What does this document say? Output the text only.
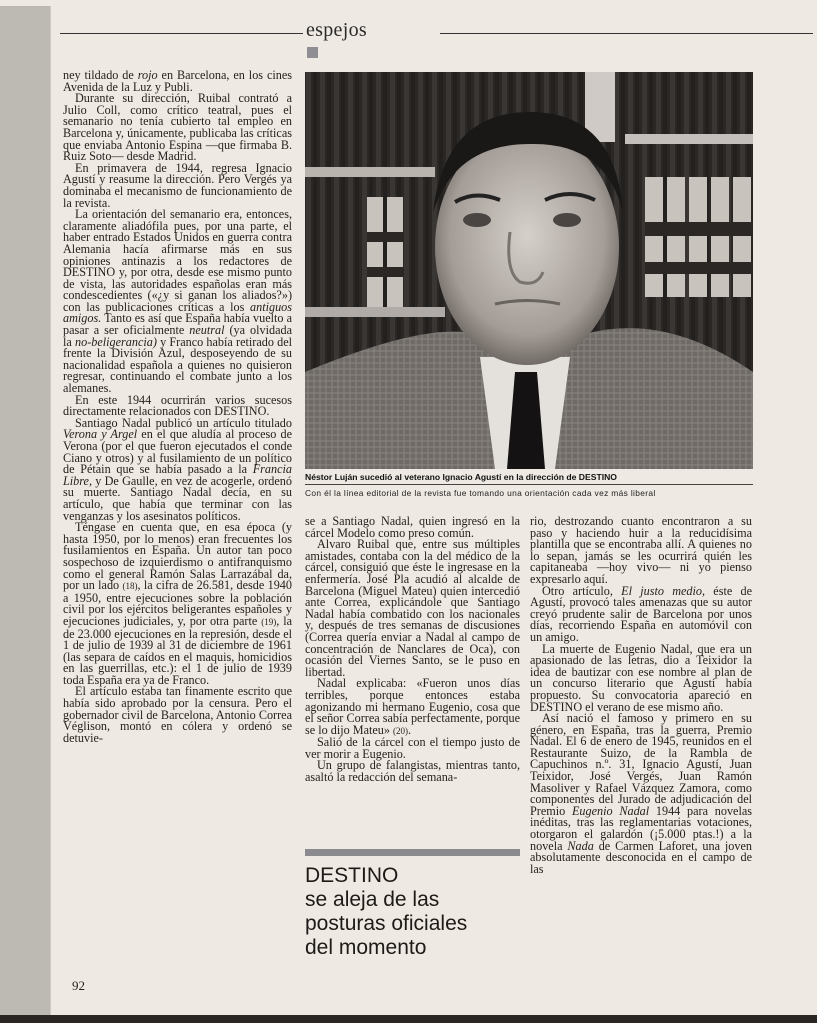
espejos

ney tildado de rojo en Barcelona, en los cines Avenida de la Luz y Publi.

Durante su dirección, Ruibal contrató a Julio Coll, como crítico teatral, pues el semanario no tenía cubierto tal empleo en Barcelona y, únicamente, publicaba las críticas que enviaba Antonio Espina —que firmaba B. Ruiz Soto— desde Madrid.

En primavera de 1944, regresa Ignacio Agustí y reasume la dirección. Pero Vergés ya dominaba el mecanismo de funcionamiento de la revista.

La orientación del semanario era, entonces, claramente aliadófila pues, por una parte, el haber entrado Estados Unidos en guerra contra Alemania hacía afirmarse más en sus opiniones antinazis a los redactores de DESTINO y, por otra, desde ese mismo punto de vista, las autoridades españolas eran más condescedientes («¿y si ganan los aliados?») con las publicaciones críticas a los antiguos amigos. Tanto es así que España había vuelto a pasar a ser oficialmente neutral (ya olvidada la no-beligerancia) y Franco había retirado del frente la División Azul, desposeyendo de su nacionalidad española a quienes no quisieron regresar, continuando el combate junto a los alemanes.

En este 1944 ocurrirán varios sucesos directamente relacionados con DESTINO.

Santiago Nadal publicó un artículo titulado Verona y Argel en el que aludía al proceso de Verona (por el que fueron ejecutados el conde Ciano y otros) y al fusilamiento de un político de Pétain que se había pasado a la Francia Libre, y De Gaulle, en vez de acogerle, ordenó su muerte. Santiago Nadal decía, en su artículo, que había que terminar con las venganzas y los asesinatos políticos.

Téngase en cuenta que, en esa época (y hasta 1950, por lo menos) eran frecuentes los fusilamientos en España. Un autor tan poco sospechoso de izquierdismo o antifranquismo como el general Ramón Salas Larrazábal da, por un lado (18), la cifra de 26.581, desde 1940 a 1950, entre ejecuciones sobre la población civil por los ejércitos beligerantes españoles y ejecuciones judiciales, y, por otra parte (19), la de 23.000 ejecuciones en la represión, desde el 1 de julio de 1939 al 31 de diciembre de 1961 (las separa de caídos en el maquis, homicidios en las guerrillas, etc.): el 1 de julio de 1939 toda España era ya de Franco.

El artículo estaba tan finamente escrito que había sido aprobado por la censura. Pero el gobernador civil de Barcelona, Antonio Correa Véglison, montó en cólera y ordenó se detuvie-

Néstor Luján sucedió al veterano Ignacio Agustí en la dirección de DESTINO
Con él la línea editorial de la revista fue tomando una orientación cada vez más liberal

se a Santiago Nadal, quien ingresó en la cárcel Modelo como preso común.

Alvaro Ruibal que, entre sus múltiples amistades, contaba con la del médico de la cárcel, consiguió que éste le ingresase en la enfermería. José Pla acudió al alcalde de Barcelona (Miguel Mateu) quien intercedió ante Correa, explicándole que Santiago Nadal había combatido con los nacionales y, después de tres semanas de discusiones (Correa quería enviar a Nadal al campo de concentración de Nanclares de Oca), con ocasión del Viernes Santo, se le puso en libertad.

Nadal explicaba: «Fueron unos días terribles, porque entonces estaba agonizando mi hermano Eugenio, cosa que el señor Correa sabía perfectamente, porque se lo dijo Mateu» (20).

Salió de la cárcel con el tiempo justo de ver morir a Eugenio.

Un grupo de falangistas, mientras tanto, asaltó la redacción del semana-

DESTINO
se aleja de las
posturas oficiales
del momento

rio, destrozando cuanto encontraron a su paso y haciendo huir a la reducidísima plantilla que se encontraba allí. A quienes no lo sepan, jamás se les ocurrirá quién les capitaneaba —hoy vivo— ni yo pienso expresarlo aquí.

Otro artículo, El justo medio, éste de Agustí, provocó tales amenazas que su autor creyó prudente salir de Barcelona por unos días, recorriendo España en automóvil con un amigo.

La muerte de Eugenio Nadal, que era un apasionado de las letras, dio a Teixidor la idea de bautizar con ese nombre al plan de un concurso literario que Agustí había propuesto. Su convocatoria apareció en DESTINO el verano de ese mismo año.

Así nació el famoso y primero en su género, en España, tras la guerra, Premio Nadal. El 6 de enero de 1945, reunidos en el Restaurante Suizo, de la Rambla de Capuchinos n.º. 31, Ignacio Agustí, Juan Teixidor, José Vergés, Juan Ramón Masoliver y Rafael Vázquez Zamora, como componentes del Jurado de adjudicación del Premio Eugenio Nadal 1944 para novelas inéditas, tras las reglamentarias votaciones, otorgaron el galardón (¡5.000 ptas.!) a la novela Nada de Carmen Laforet, una joven absolutamente desconocida en el campo de las

92
